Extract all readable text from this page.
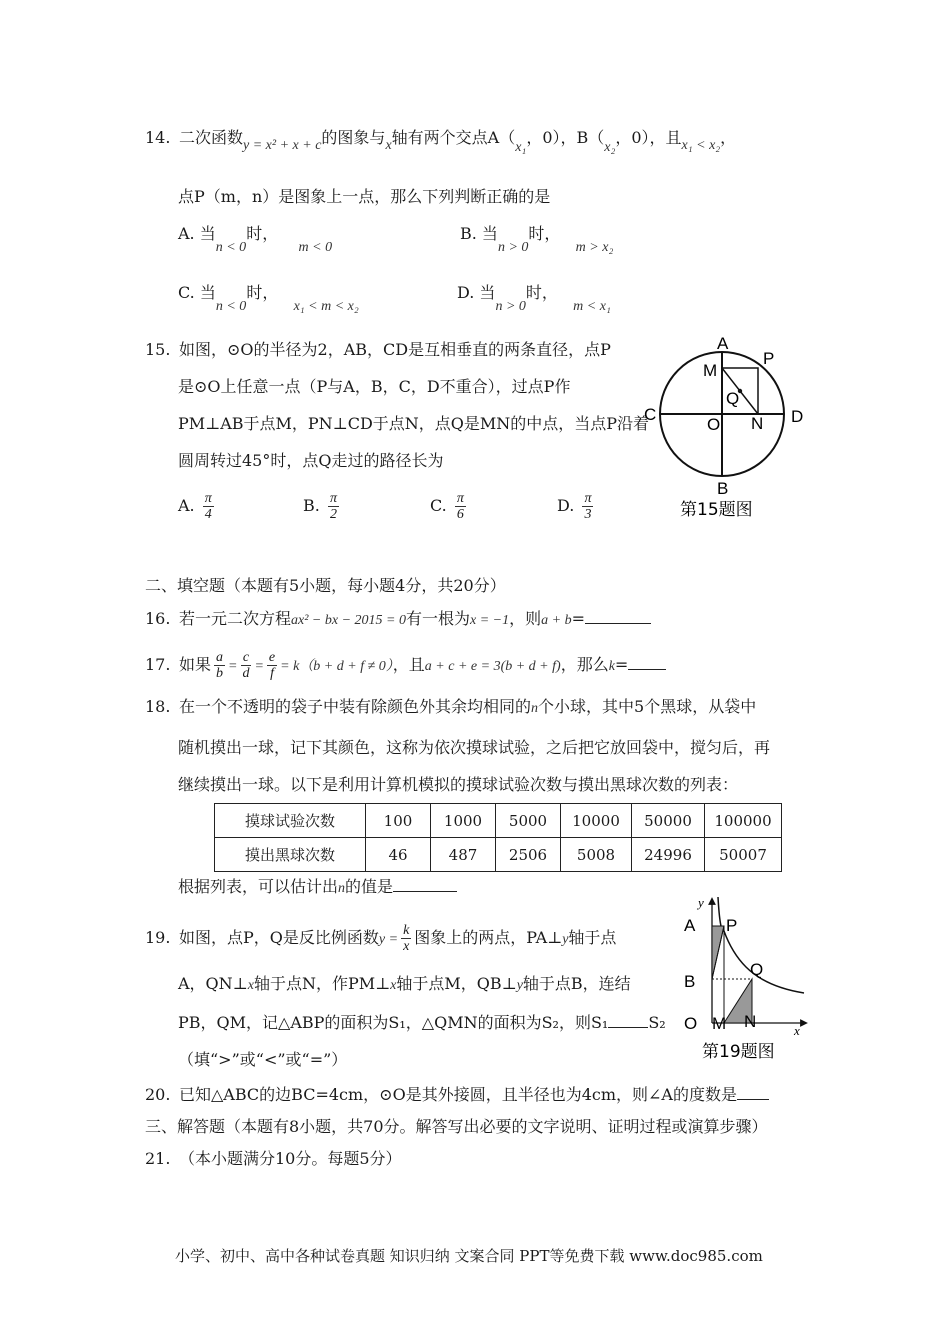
14. 二次函数y = x² + x + c的图象与x轴有两个交点A（x₁，0），B（x₂，0），且x₁ < x₂，
点P（m，n）是图象上一点，那么下列判断正确的是
A. 当n < 0时，    m < 0
B. 当n > 0时，   m > x₂
C. 当n < 0时，   x₁ < m < x₂
D. 当n > 0时，   m < x₁
15. 如图，⊙O的半径为2，AB，CD是互相垂直的两条直径，点P
是⊙O上任意一点（P与A，B，C，D不重合），过点P作
PM⊥AB于点M，PN⊥CD于点N，点Q是MN的中点，当点P沿着
圆周转过45°时，点Q走过的路径长为
A. $\frac{\pi}{4}$	B. $\frac{\pi}{2}$	C. $\frac{\pi}{6}$	D. $\frac{\pi}{3}$
A
B
C	D
O
M
N
P
Q
第15题图
二、填空题（本题有5小题，每小题4分，共20分）
16. 若一元二次方程ax² − bx − 2015 = 0有一根为x = −1，则a + b=
17. 如果 $\frac{a}{b} = \frac{c}{d} = \frac{e}{f} = k(b + d + f \ne 0)$，且a + c + e = 3(b + d + f)，那么k=
18. 在一个不透明的袋子中装有除颜色外其余均相同的n个小球，其中5个黑球，从袋中
随机摸出一球，记下其颜色，这称为依次摸球试验，之后把它放回袋中，搅匀后，再
继续摸出一球。以下是利用计算机模拟的摸球试验次数与摸出黑球次数的列表：
摸球试验次数	100	1000	5000	10000	50000	100000
摸出黑球次数	46	487	2506	5008	24996	50007
根据列表，可以估计出n的值是
19. 如图，点P，Q是反比例函数$y = \frac{k}{x}$ 图象上的两点，PA⊥y轴于点
A，QN⊥x轴于点N，作PM⊥x轴于点M，QB⊥y轴于点B，连结
PB，QM，记△ABP的面积为S₁，△QMN的面积为S₂，则S₁	S₂
（填“>”或“<”或“=”）
y
x
A P
B
Q
O M N
第19题图
20. 已知△ABC的边BC=4cm，⊙O是其外接圆，且半径也为4cm，则∠A的度数是
三、解答题（本题有8小题，共70分。解答写出必要的文字说明、证明过程或演算步骤）
21. （本小题满分10分。每题5分）
小学、初中、高中各种试卷真题 知识归纳 文案合同 PPT等免费下载 www.doc985.com
